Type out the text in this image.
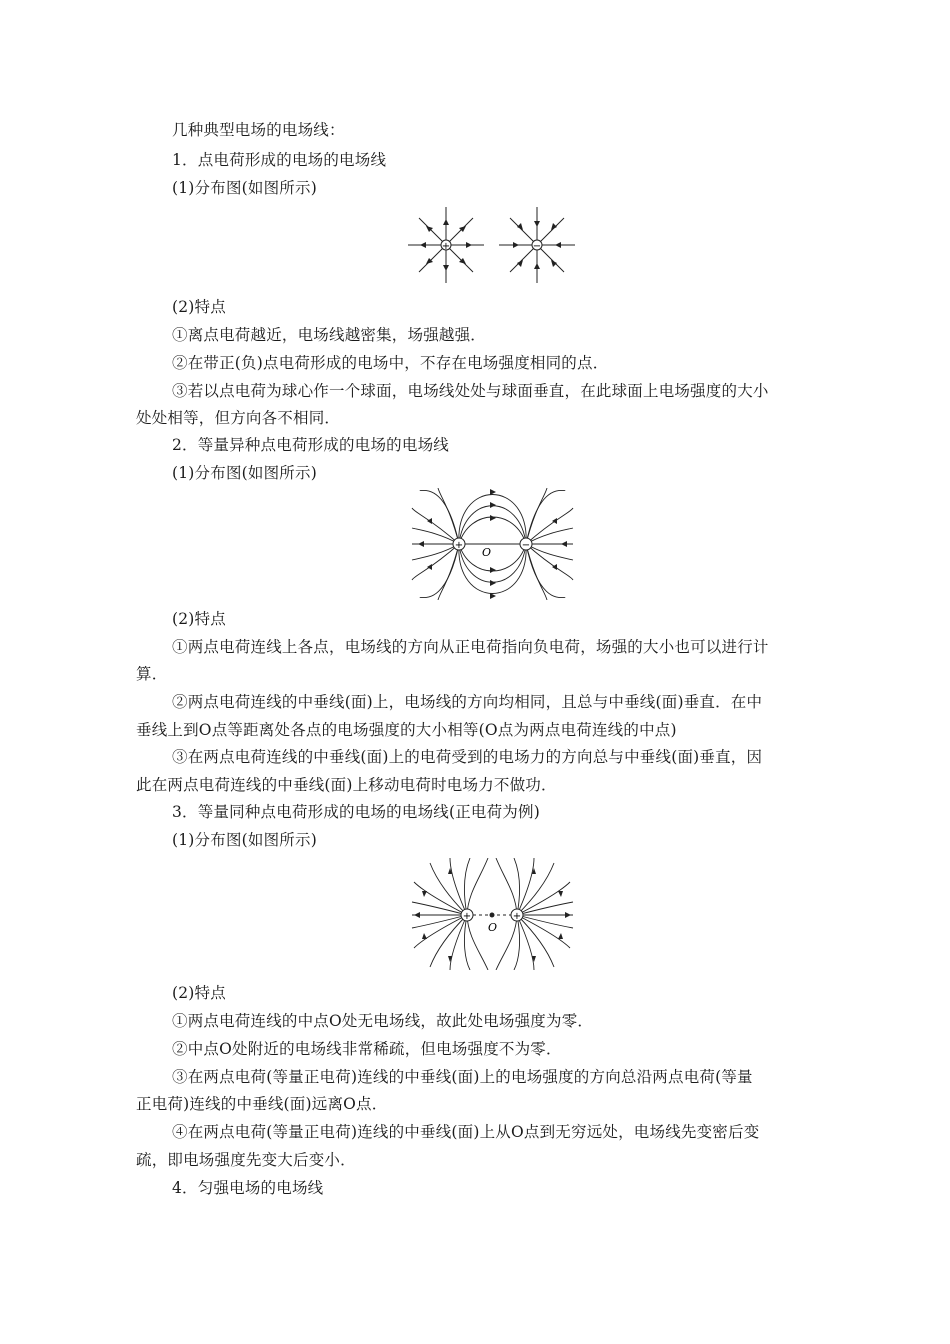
几种典型电场的电场线：
1．点电荷形成的电场的电场线
(1)分布图(如图所示)
+	−
(2)特点
①离点电荷越近，电场线越密集，场强越强．
②在带正(负)点电荷形成的电场中，不存在电场强度相同的点．
③若以点电荷为球心作一个球面，电场线处处与球面垂直，在此球面上电场强度的大小
处处相等，但方向各不相同．
2．等量异种点电荷形成的电场的电场线
(1)分布图(如图所示)
+	−
O
(2)特点
①两点电荷连线上各点，电场线的方向从正电荷指向负电荷，场强的大小也可以进行计
算．
②两点电荷连线的中垂线(面)上，电场线的方向均相同，且总与中垂线(面)垂直．在中
垂线上到O点等距离处各点的电场强度的大小相等(O点为两点电荷连线的中点)
③在两点电荷连线的中垂线(面)上的电荷受到的电场力的方向总与中垂线(面)垂直，因
此在两点电荷连线的中垂线(面)上移动电荷时电场力不做功．
3．等量同种点电荷形成的电场的电场线(正电荷为例)
(1)分布图(如图所示)
+	+
O
(2)特点
①两点电荷连线的中点O处无电场线，故此处电场强度为零．
②中点O处附近的电场线非常稀疏，但电场强度不为零．
③在两点电荷(等量正电荷)连线的中垂线(面)上的电场强度的方向总沿两点电荷(等量
正电荷)连线的中垂线(面)远离O点．
④在两点电荷(等量正电荷)连线的中垂线(面)上从O点到无穷远处，电场线先变密后变
疏，即电场强度先变大后变小．
4．匀强电场的电场线
